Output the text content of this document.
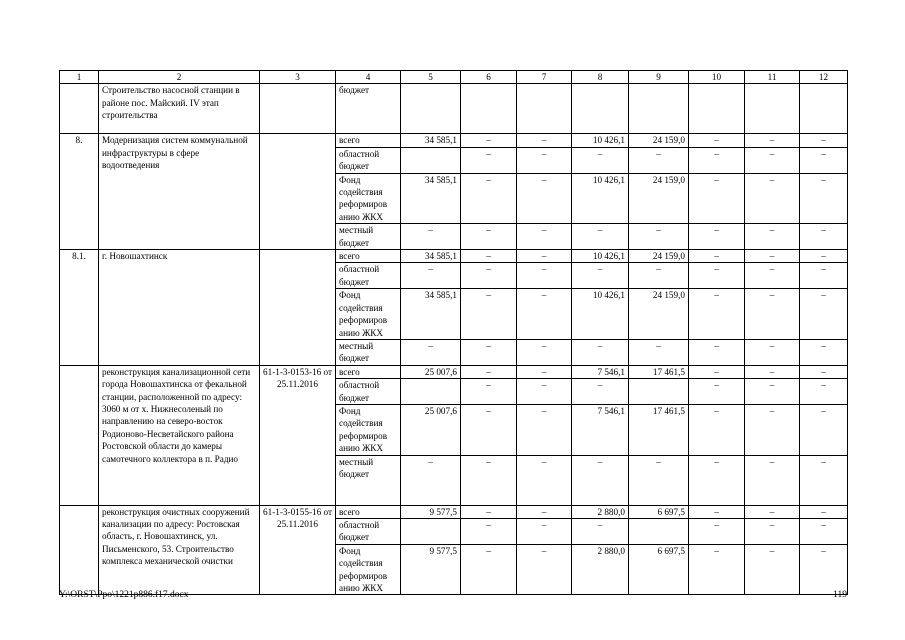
1	2	3	4	5	6	7	8	9	10	11	12
	Строительство насосной станции в районе пос. Майский. IV этап строительства		бюджет								
8.	Модернизация систем коммунальной инфраструктуры в сфере водоотведения		всего	34 585,1	–	–	10 426,1	24 159,0	–	–	–
			областной бюджет		–	–	–	–	–	–	–
			Фонд содействия реформиров анию ЖКХ	34 585,1	–	–	10 426,1	24 159,0	–	–	–
			местный бюджет	–	–	–	–	–	–	–	–
8.1.	г. Новошахтинск		всего	34 585,1	–	–	10 426,1	24 159,0	–	–	–
			областной бюджет	–	–	–	–	–	–	–	–
			Фонд содействия реформиров анию ЖКХ	34 585,1	–	–	10 426,1	24 159,0	–	–	–
			местный бюджет	–	–	–	–	–	–	–	–
	реконструкция канализационной сети города Новошахтинска от фекальной станции, расположенной по адресу: 3060 м от х. Нижнесоленый по направлению на северо-восток Родионово-Несветайского района Ростовской области до камеры самотечного коллектора в п. Радио	61-1-3-0153-16 от 25.11.2016	всего	25 007,6	–	–	7 546,1	17 461,5	–	–	–
			областной бюджет		–	–	–		–	–	–
			Фонд содействия реформиров анию ЖКХ	25 007,6	–	–	7 546,1	17 461,5	–	–	–
			местный бюджет	–	–	–	–	–	–	–	–
	реконструкция очистных сооружений канализации по адресу: Ростовская область, г. Новошахтинск, ул. Письменского, 53. Строительство комплекса механической очистки	61-1-3-0155-16 от 25.11.2016	всего	9 577,5	–	–	2 880,0	6 697,5	–	–	–
			областной бюджет		–	–	–		–	–	–
			Фонд содействия реформиров анию ЖКХ	9 577,5	–	–	2 880,0	6 697,5	–	–	–
Y:\ORST\Ppo\1221p886.f17.docx	119
